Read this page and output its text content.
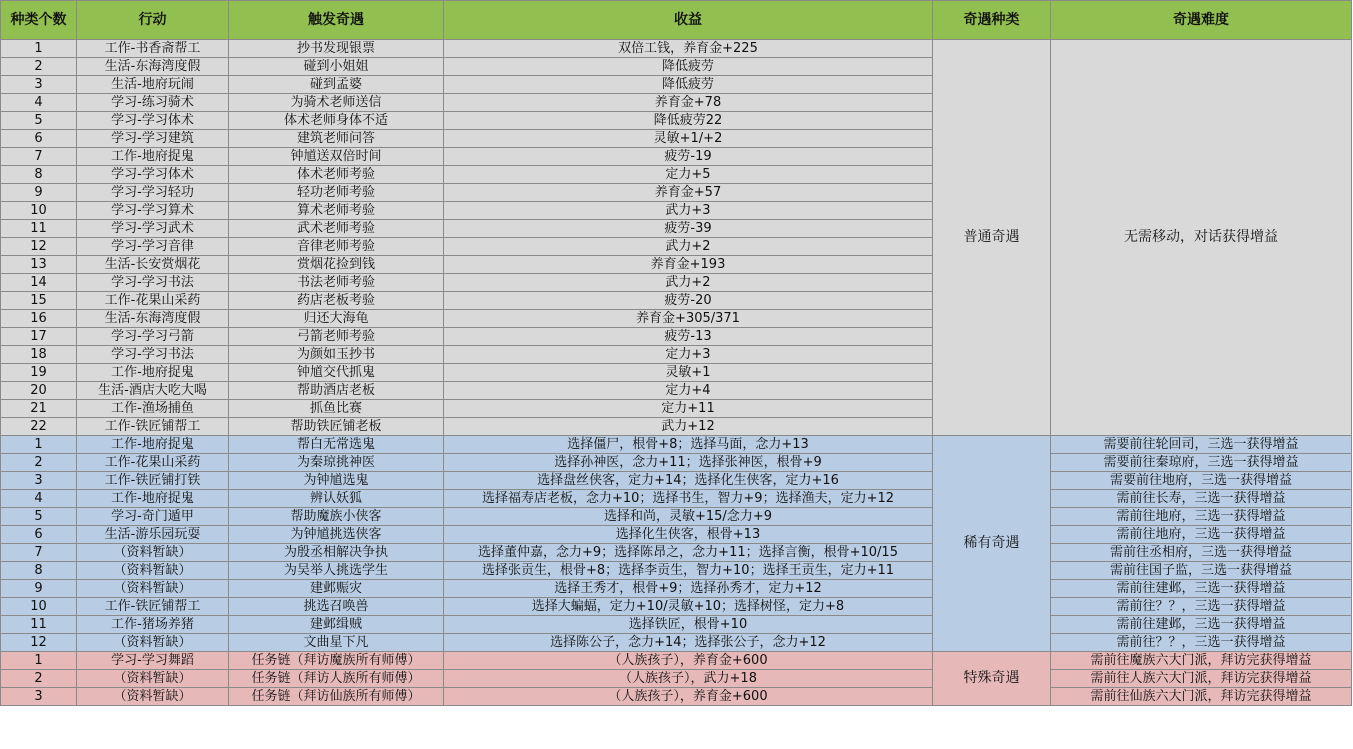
种类个数	行动	触发奇遇	收益	奇遇种类	奇遇难度
1	工作-书香斋帮工	抄书发现银票	双倍工钱，养育金+225	普通奇遇	无需移动，对话获得增益
2	生活-东海湾度假	碰到小姐姐	降低疲劳		
3	生活-地府玩闹	碰到孟婆	降低疲劳		
4	学习-练习骑术	为骑术老师送信	养育金+78		
5	学习-学习体术	体术老师身体不适	降低疲劳22		
6	学习-学习建筑	建筑老师问答	灵敏+1/+2		
7	工作-地府捉鬼	钟馗送双倍时间	疲劳-19		
8	学习-学习体术	体术老师考验	定力+5		
9	学习-学习轻功	轻功老师考验	养育金+57		
10	学习-学习算术	算术老师考验	武力+3		
11	学习-学习武术	武术老师考验	疲劳-39		
12	学习-学习音律	音律老师考验	武力+2		
13	生活-长安赏烟花	赏烟花捡到钱	养育金+193		
14	学习-学习书法	书法老师考验	武力+2		
15	工作-花果山采药	药店老板考验	疲劳-20		
16	生活-东海湾度假	归还大海龟	养育金+305/371		
17	学习-学习弓箭	弓箭老师考验	疲劳-13		
18	学习-学习书法	为颜如玉抄书	定力+3		
19	工作-地府捉鬼	钟馗交代抓鬼	灵敏+1		
20	生活-酒店大吃大喝	帮助酒店老板	定力+4		
21	工作-渔场捕鱼	抓鱼比赛	定力+11		
22	工作-铁匠铺帮工	帮助铁匠铺老板	武力+12		
1	工作-地府捉鬼	帮白无常选鬼	选择僵尸，根骨+8；选择马面，念力+13	稀有奇遇	需要前往轮回司，三选一获得增益
2	工作-花果山采药	为秦琼挑神医	选择孙神医，念力+11；选择张神医，根骨+9		需要前往秦琼府，三选一获得增益
3	工作-铁匠铺打铁	为钟馗选鬼	选择盘丝侠客，定力+14；选择化生侠客，定力+16		需要前往地府，三选一获得增益
4	工作-地府捉鬼	辨认妖狐	选择福寿店老板，念力+10；选择书生，智力+9；选择渔夫，定力+12		需前往长寿，三选一获得增益
5	学习-奇门遁甲	帮助魔族小侠客	选择和尚，灵敏+15/念力+9		需前往地府，三选一获得增益
6	生活-游乐园玩耍	为钟馗挑选侠客	选择化生侠客，根骨+13		需前往地府，三选一获得增益
7	（资料暂缺）	为殷丞相解决争执	选择董仲嘉，念力+9；选择陈昂之，念力+11；选择言衡，根骨+10/15		需前往丞相府，三选一获得增益
8	（资料暂缺）	为吴举人挑选学生	选择张贡生，根骨+8；选择李贡生，智力+10；选择王贡生，定力+11		需前往国子监，三选一获得增益
9	（资料暂缺）	建邺赈灾	选择王秀才，根骨+9；选择孙秀才，定力+12		需前往建邺，三选一获得增益
10	工作-铁匠铺帮工	挑选召唤兽	选择大蝙蝠，定力+10/灵敏+10；选择树怪，定力+8		需前往？？，三选一获得增益
11	工作-猪场养猪	建邺缉贼	选择铁匠，根骨+10		需前往建邺，三选一获得增益
12	（资料暂缺）	文曲星下凡	选择陈公子，念力+14；选择张公子，念力+12		需前往？？，三选一获得增益
1	学习-学习舞蹈	任务链（拜访魔族所有师傅）	（人族孩子），养育金+600	特殊奇遇	需前往魔族六大门派，拜访完获得增益
2	（资料暂缺）	任务链（拜访人族所有师傅）	（人族孩子），武力+18		需前往人族六大门派，拜访完获得增益
3	（资料暂缺）	任务链（拜访仙族所有师傅）	（人族孩子），养育金+600		需前往仙族六大门派，拜访完获得增益
